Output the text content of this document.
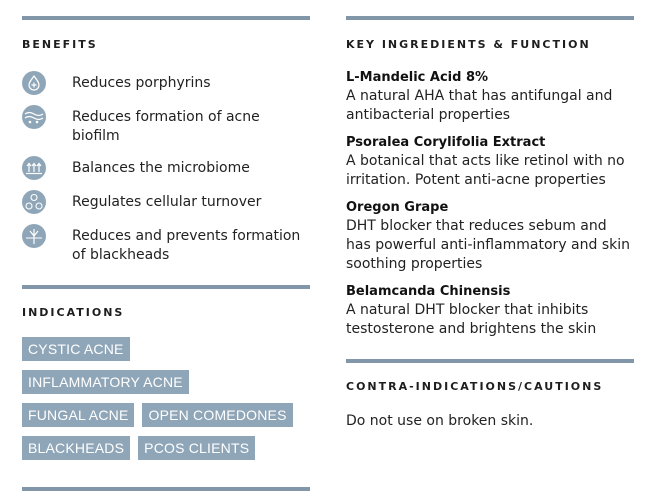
BENEFITS
Reduces porphyrins
Reduces formation of acne biofilm
Balances the microbiome
Regulates cellular turnover
Reduces and prevents formation of blackheads
INDICATIONS
CYSTIC ACNE
INFLAMMATORY ACNE
FUNGAL ACNE	OPEN COMEDONES
BLACKHEADS	PCOS CLIENTS
KEY INGREDIENTS & FUNCTION
L-Mandelic Acid 8%
A natural AHA that has antifungal and antibacterial properties
Psoralea Corylifolia Extract
A botanical that acts like retinol with no irritation. Potent anti-acne properties
Oregon Grape
DHT blocker that reduces sebum and has powerful anti-inflammatory and skin soothing properties
Belamcanda Chinensis
A natural DHT blocker that inhibits testosterone and brightens the skin
CONTRA-INDICATIONS/CAUTIONS
Do not use on broken skin.
